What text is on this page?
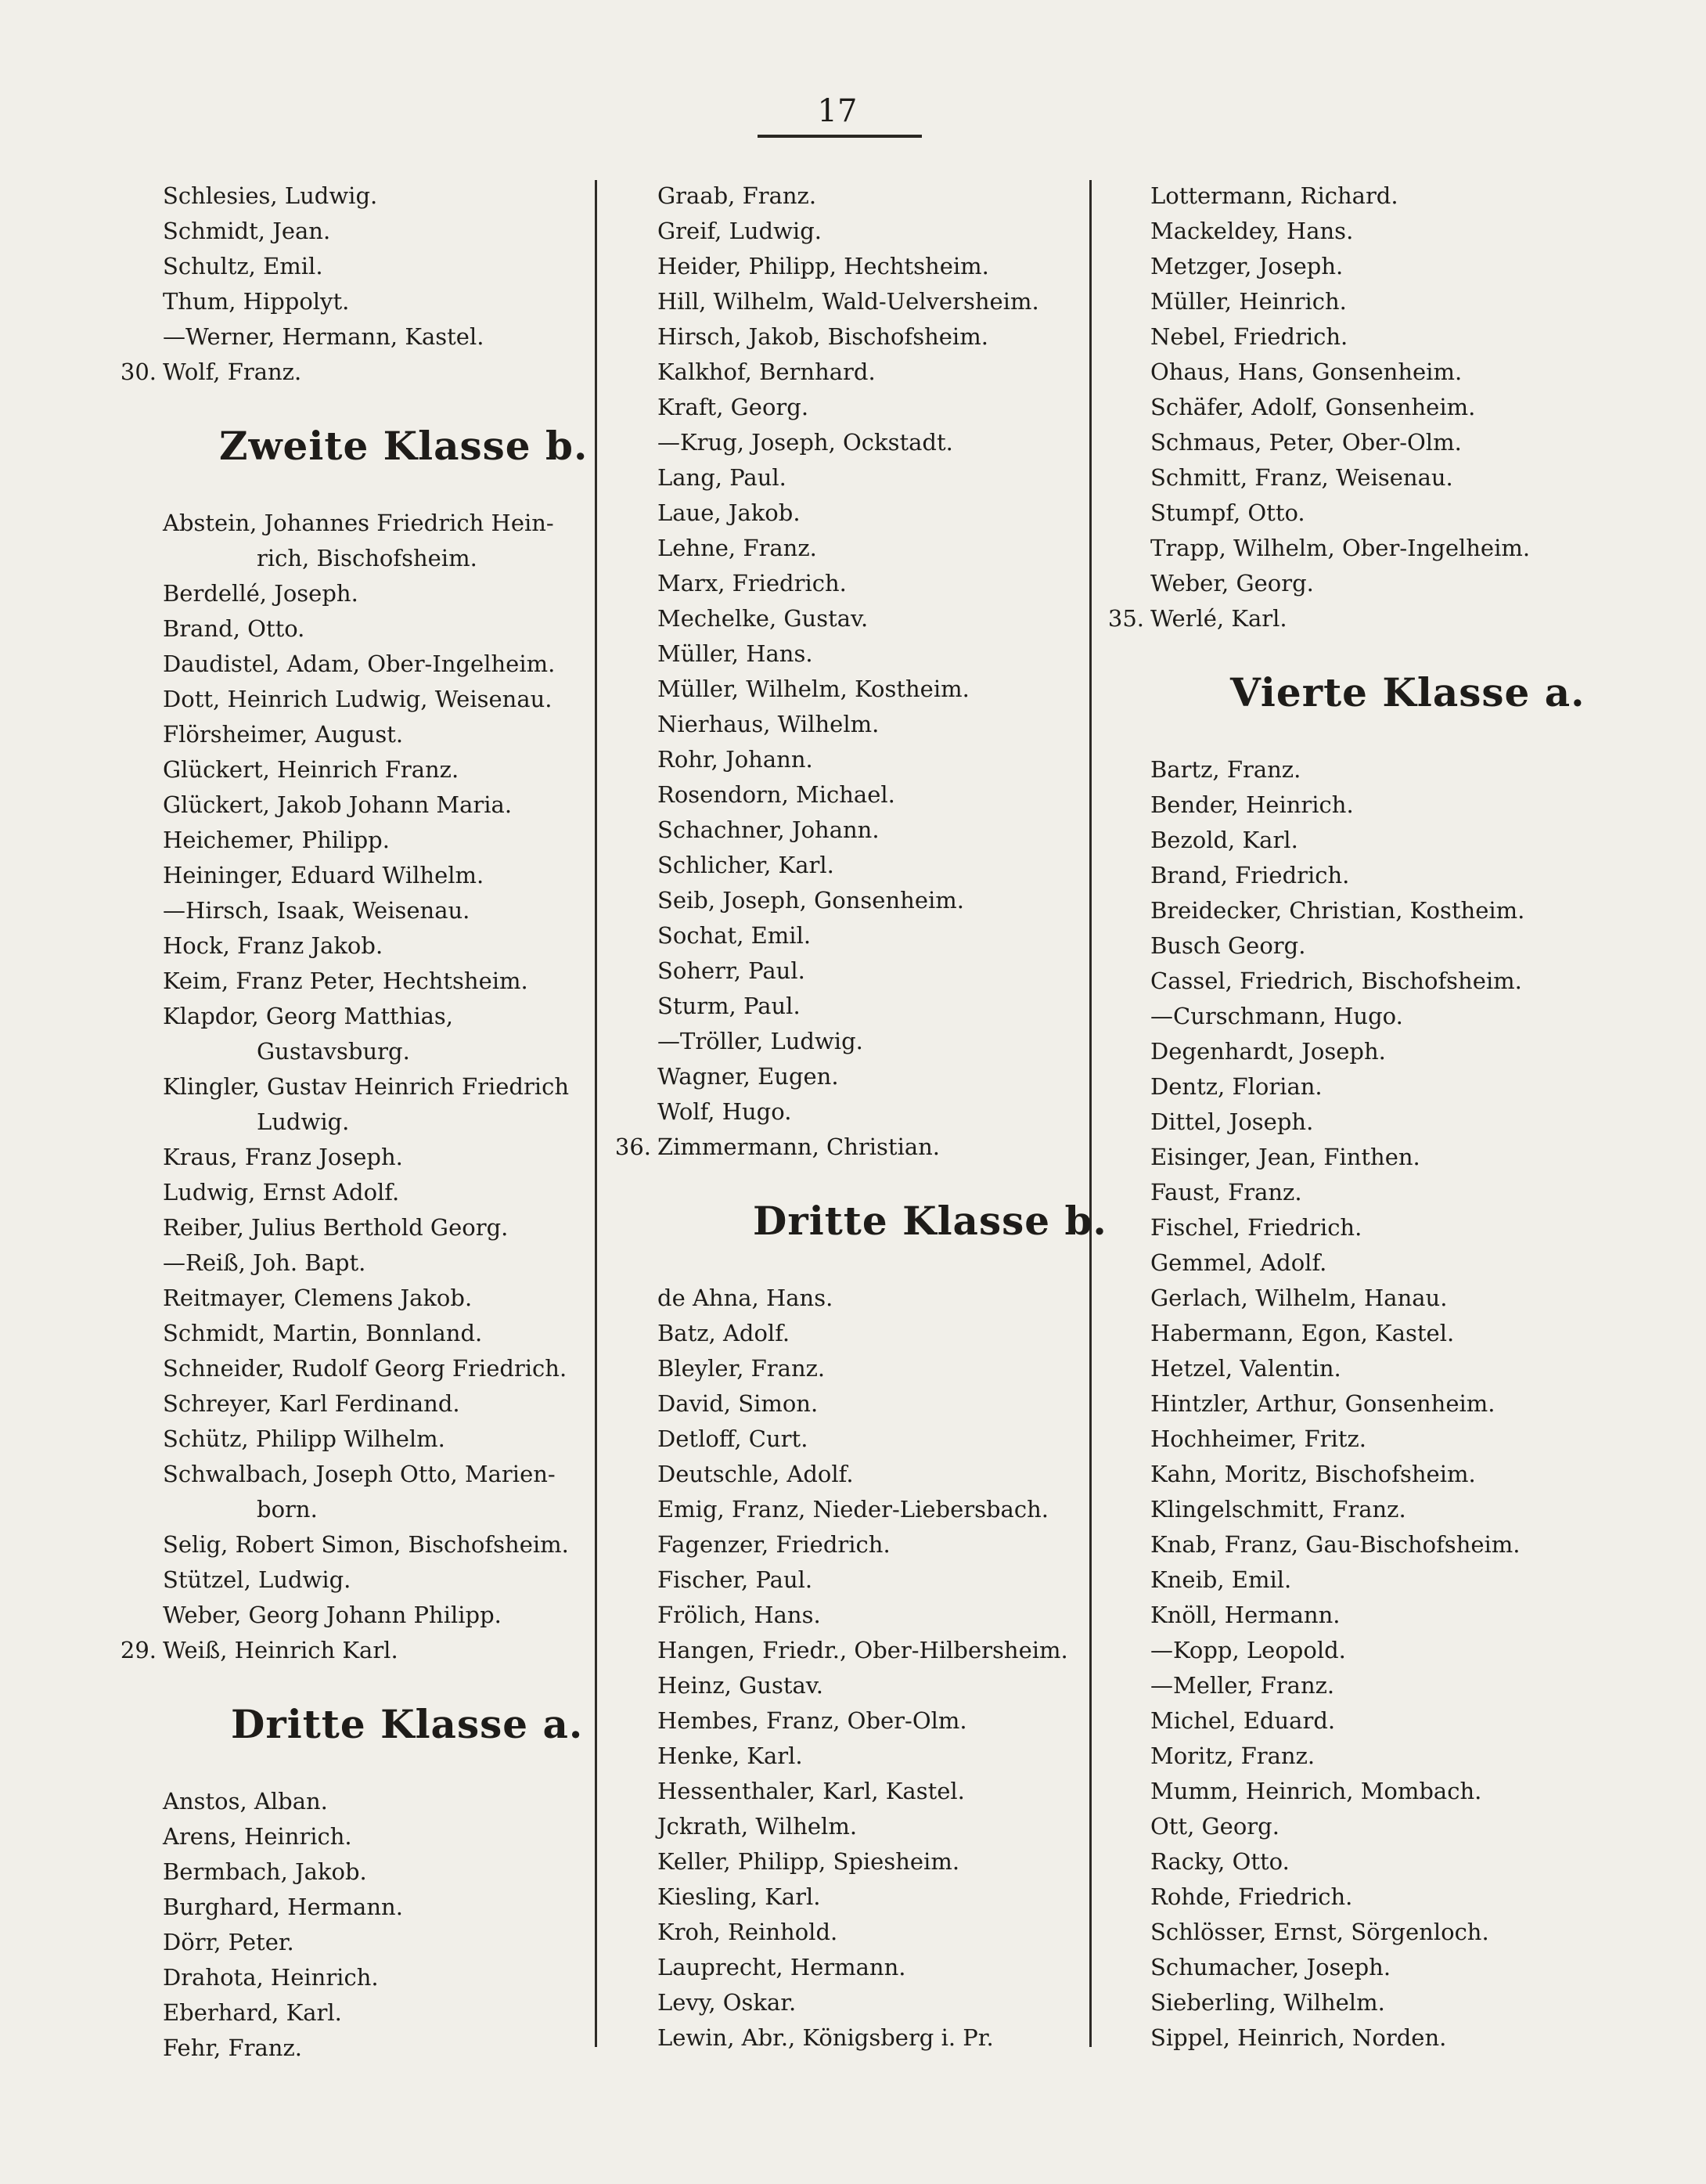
17
Schlesies, Ludwig.
Schmidt, Jean.
Schultz, Emil.
Thum, Hippolyt.
—Werner, Hermann, Kastel.
30. Wolf, Franz.
Zweite Klasse b.
Abstein, Johannes Friedrich Hein-
rich, Bischofsheim.
Berdellé, Joseph.
Brand, Otto.
Daudistel, Adam, Ober-Ingelheim.
Dott, Heinrich Ludwig, Weisenau.
Flörsheimer, August.
Glückert, Heinrich Franz.
Glückert, Jakob Johann Maria.
Heichemer, Philipp.
Heininger, Eduard Wilhelm.
—Hirsch, Isaak, Weisenau.
Hock, Franz Jakob.
Keim, Franz Peter, Hechtsheim.
Klapdor, Georg Matthias,
Gustavsburg.
Klingler, Gustav Heinrich Friedrich
Ludwig.
Kraus, Franz Joseph.
Ludwig, Ernst Adolf.
Reiber, Julius Berthold Georg.
—Reiß, Joh. Bapt.
Reitmayer, Clemens Jakob.
Schmidt, Martin, Bonnland.
Schneider, Rudolf Georg Friedrich.
Schreyer, Karl Ferdinand.
Schütz, Philipp Wilhelm.
Schwalbach, Joseph Otto, Marien-
born.
Selig, Robert Simon, Bischofsheim.
Stützel, Ludwig.
Weber, Georg Johann Philipp.
29. Weiß, Heinrich Karl.
Dritte Klasse a.
Anstos, Alban.
Arens, Heinrich.
Bermbach, Jakob.
Burghard, Hermann.
Dörr, Peter.
Drahota, Heinrich.
Eberhard, Karl.
Fehr, Franz.
Graab, Franz.
Greif, Ludwig.
Heider, Philipp, Hechtsheim.
Hill, Wilhelm, Wald-Uelversheim.
Hirsch, Jakob, Bischofsheim.
Kalkhof, Bernhard.
Kraft, Georg.
—Krug, Joseph, Ockstadt.
Lang, Paul.
Laue, Jakob.
Lehne, Franz.
Marx, Friedrich.
Mechelke, Gustav.
Müller, Hans.
Müller, Wilhelm, Kostheim.
Nierhaus, Wilhelm.
Rohr, Johann.
Rosendorn, Michael.
Schachner, Johann.
Schlicher, Karl.
Seib, Joseph, Gonsenheim.
Sochat, Emil.
Soherr, Paul.
Sturm, Paul.
—Tröller, Ludwig.
Wagner, Eugen.
Wolf, Hugo.
36. Zimmermann, Christian.
Dritte Klasse b.
de Ahna, Hans.
Batz, Adolf.
Bleyler, Franz.
David, Simon.
Detloff, Curt.
Deutschle, Adolf.
Emig, Franz, Nieder-Liebersbach.
Fagenzer, Friedrich.
Fischer, Paul.
Frölich, Hans.
Hangen, Friedr., Ober-Hilbersheim.
Heinz, Gustav.
Hembes, Franz, Ober-Olm.
Henke, Karl.
Hessenthaler, Karl, Kastel.
Jckrath, Wilhelm.
Keller, Philipp, Spiesheim.
Kiesling, Karl.
Kroh, Reinhold.
Lauprecht, Hermann.
Levy, Oskar.
Lewin, Abr., Königsberg i. Pr.
Lottermann, Richard.
Mackeldey, Hans.
Metzger, Joseph.
Müller, Heinrich.
Nebel, Friedrich.
Ohaus, Hans, Gonsenheim.
Schäfer, Adolf, Gonsenheim.
Schmaus, Peter, Ober-Olm.
Schmitt, Franz, Weisenau.
Stumpf, Otto.
Trapp, Wilhelm, Ober-Ingelheim.
Weber, Georg.
35. Werlé, Karl.
Vierte Klasse a.
Bartz, Franz.
Bender, Heinrich.
Bezold, Karl.
Brand, Friedrich.
Breidecker, Christian, Kostheim.
Busch Georg.
Cassel, Friedrich, Bischofsheim.
—Curschmann, Hugo.
Degenhardt, Joseph.
Dentz, Florian.
Dittel, Joseph.
Eisinger, Jean, Finthen.
Faust, Franz.
Fischel, Friedrich.
Gemmel, Adolf.
Gerlach, Wilhelm, Hanau.
Habermann, Egon, Kastel.
Hetzel, Valentin.
Hintzler, Arthur, Gonsenheim.
Hochheimer, Fritz.
Kahn, Moritz, Bischofsheim.
Klingelschmitt, Franz.
Knab, Franz, Gau-Bischofsheim.
Kneib, Emil.
Knöll, Hermann.
—Kopp, Leopold.
—Meller, Franz.
Michel, Eduard.
Moritz, Franz.
Mumm, Heinrich, Mombach.
Ott, Georg.
Racky, Otto.
Rohde, Friedrich.
Schlösser, Ernst, Sörgenloch.
Schumacher, Joseph.
Sieberling, Wilhelm.
Sippel, Heinrich, Norden.
